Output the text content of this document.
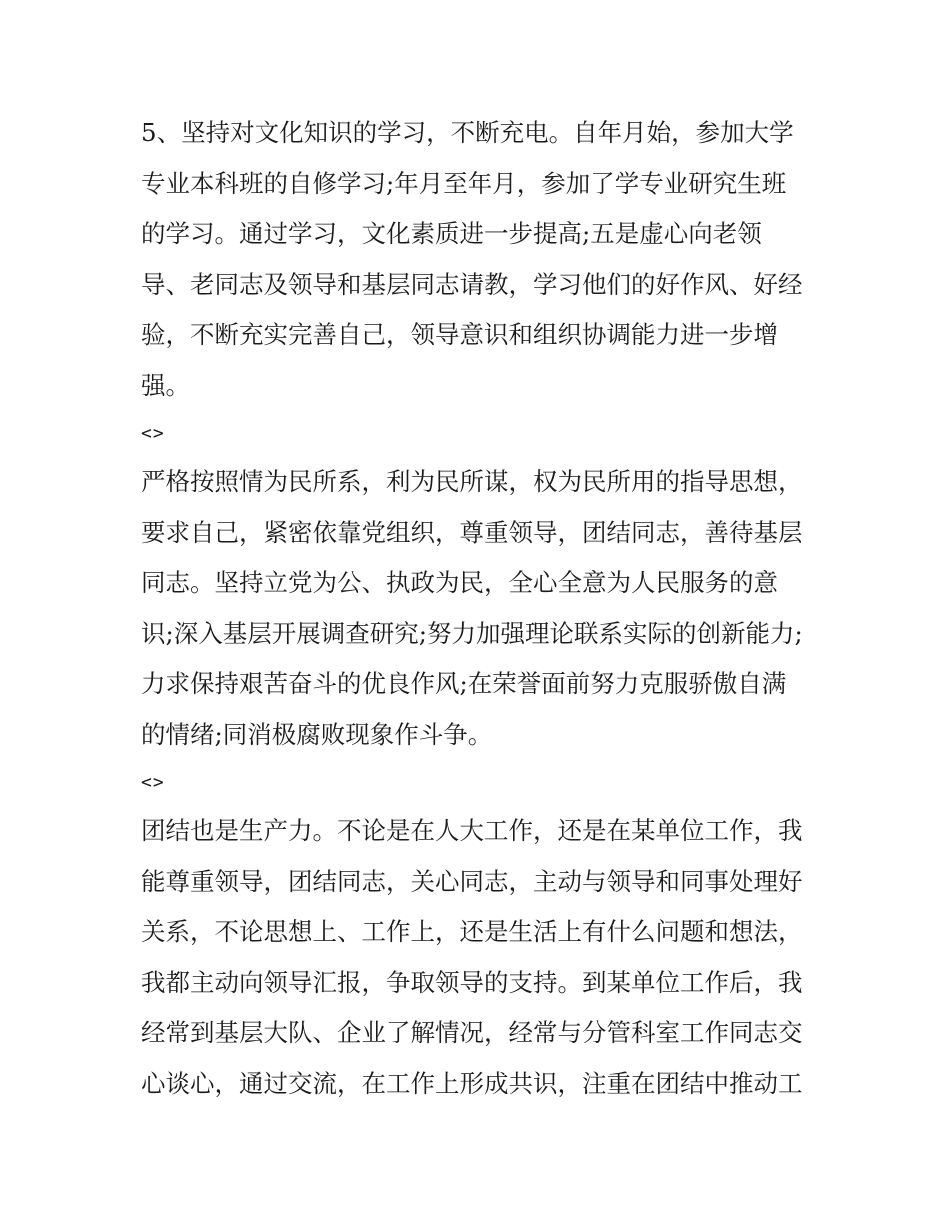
5、坚持对文化知识的学习，不断充电。自年月始，参加大学
专业本科班的自修学习;年月至年月，参加了学专业研究生班
的学习。通过学习，文化素质进一步提高;五是虚心向老领
导、老同志及领导和基层同志请教，学习他们的好作风、好经
验，不断充实完善自己，领导意识和组织协调能力进一步增
强。
<>
严格按照情为民所系，利为民所谋，权为民所用的指导思想，
要求自己，紧密依靠党组织，尊重领导，团结同志，善待基层
同志。坚持立党为公、执政为民，全心全意为人民服务的意
识;深入基层开展调查研究;努力加强理论联系实际的创新能力;
力求保持艰苦奋斗的优良作风;在荣誉面前努力克服骄傲自满
的情绪;同消极腐败现象作斗争。
<>
团结也是生产力。不论是在人大工作，还是在某单位工作，我
能尊重领导，团结同志，关心同志，主动与领导和同事处理好
关系，不论思想上、工作上，还是生活上有什么问题和想法，
我都主动向领导汇报，争取领导的支持。到某单位工作后，我
经常到基层大队、企业了解情况，经常与分管科室工作同志交
心谈心，通过交流，在工作上形成共识，注重在团结中推动工
